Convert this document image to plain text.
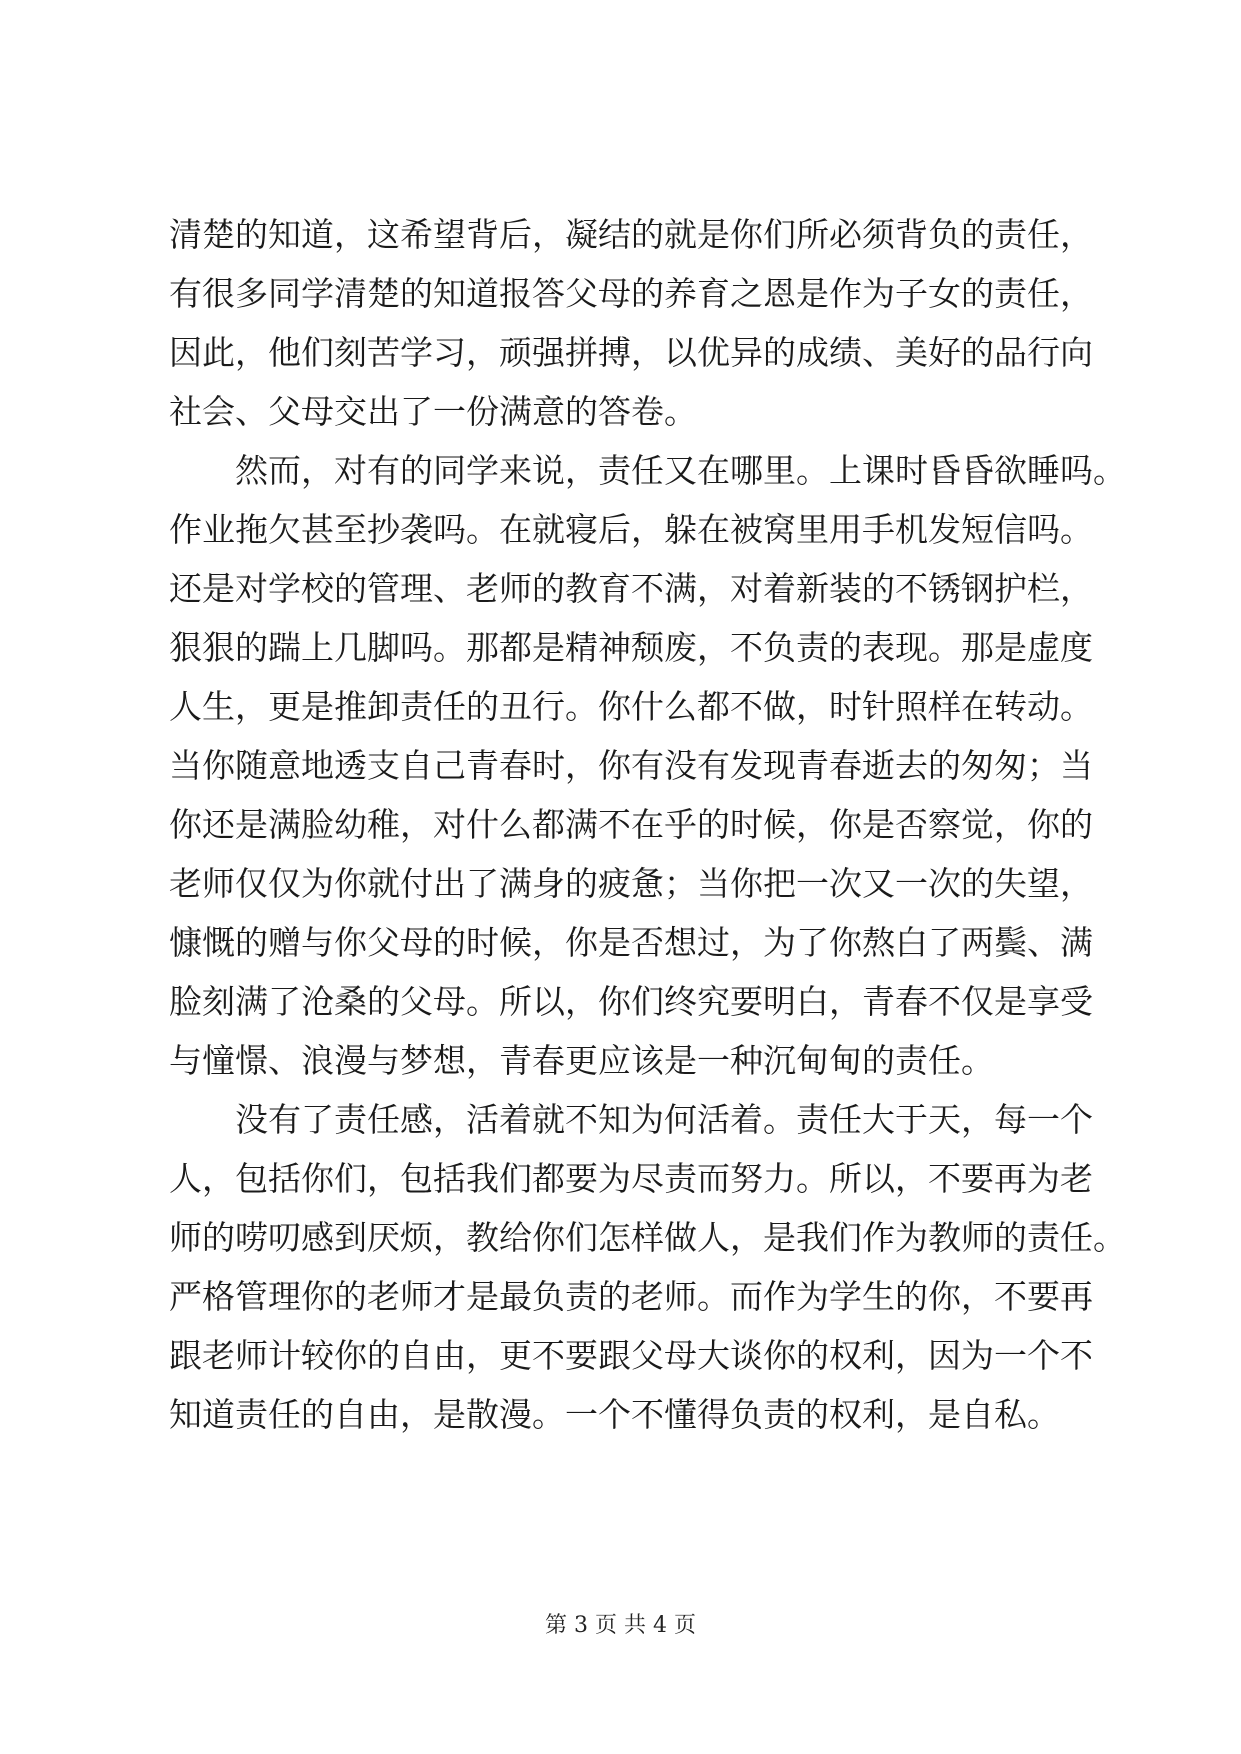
清楚的知道，这希望背后，凝结的就是你们所必须背负的责任，
有很多同学清楚的知道报答父母的养育之恩是作为子女的责任，
因此，他们刻苦学习，顽强拼搏，以优异的成绩、美好的品行向
社会、父母交出了一份满意的答卷。
然而，对有的同学来说，责任又在哪里。上课时昏昏欲睡吗。
作业拖欠甚至抄袭吗。在就寝后，躲在被窝里用手机发短信吗。
还是对学校的管理、老师的教育不满，对着新装的不锈钢护栏，
狠狠的踹上几脚吗。那都是精神颓废，不负责的表现。那是虚度
人生，更是推卸责任的丑行。你什么都不做，时针照样在转动。
当你随意地透支自己青春时，你有没有发现青春逝去的匆匆；当
你还是满脸幼稚，对什么都满不在乎的时候，你是否察觉，你的
老师仅仅为你就付出了满身的疲惫；当你把一次又一次的失望，
慷慨的赠与你父母的时候，你是否想过，为了你熬白了两鬓、满
脸刻满了沧桑的父母。所以，你们终究要明白，青春不仅是享受
与憧憬、浪漫与梦想，青春更应该是一种沉甸甸的责任。
没有了责任感，活着就不知为何活着。责任大于天，每一个
人，包括你们，包括我们都要为尽责而努力。所以，不要再为老
师的唠叨感到厌烦，教给你们怎样做人，是我们作为教师的责任。
严格管理你的老师才是最负责的老师。而作为学生的你，不要再
跟老师计较你的自由，更不要跟父母大谈你的权利，因为一个不
知道责任的自由，是散漫。一个不懂得负责的权利，是自私。
第 3 页 共 4 页
